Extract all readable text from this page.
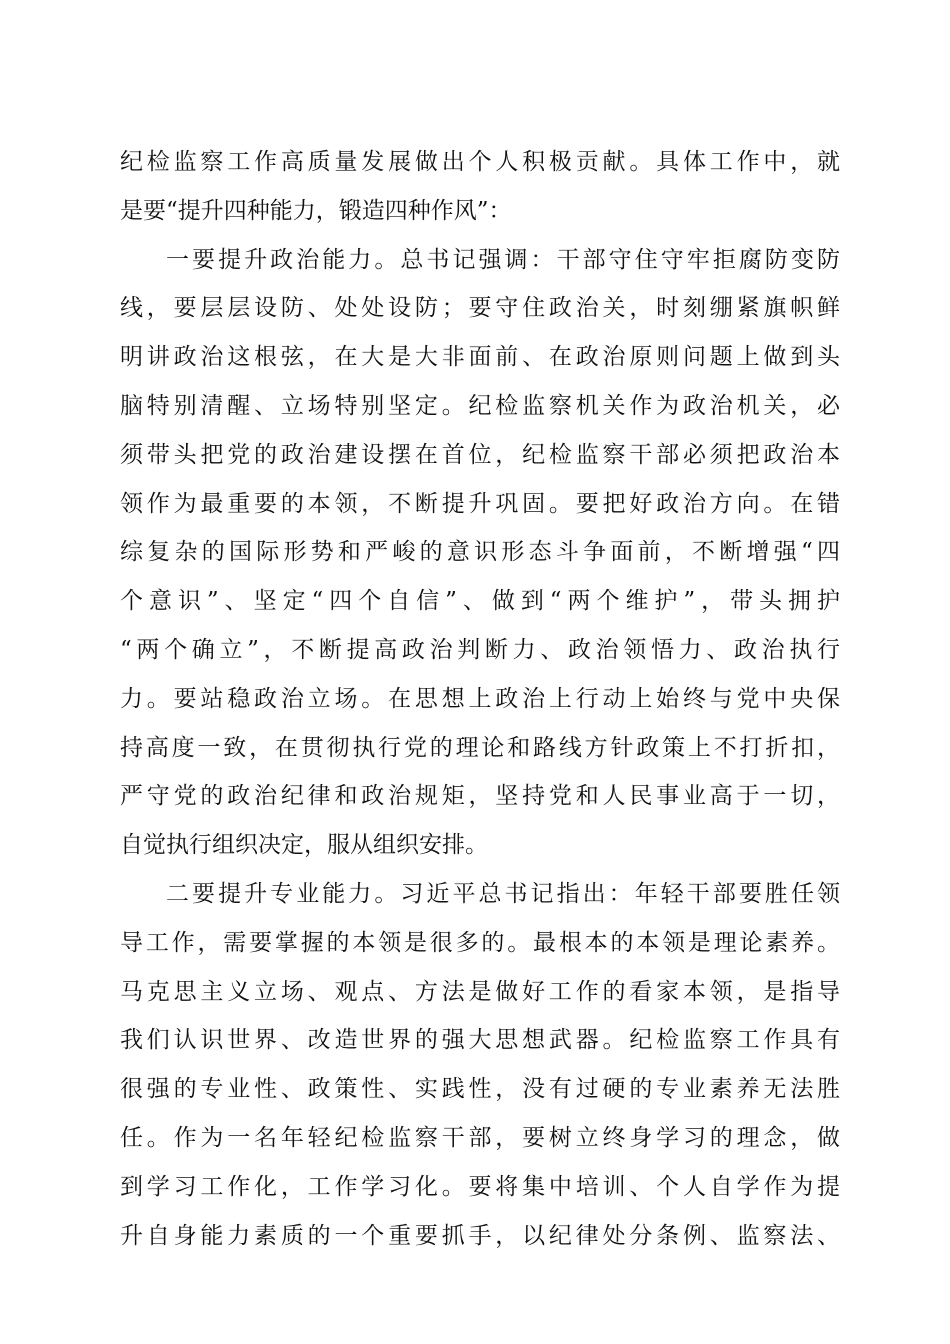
纪检监察工作高质量发展做出个人积极贡献。具体工作中，就
是要“提升四种能力，锻造四种作风”：
一要提升政治能力。总书记强调：干部守住守牢拒腐防变防
线，要层层设防、处处设防；要守住政治关，时刻绷紧旗帜鲜
明讲政治这根弦，在大是大非面前、在政治原则问题上做到头
脑特别清醒、立场特别坚定。纪检监察机关作为政治机关，必
须带头把党的政治建设摆在首位，纪检监察干部必须把政治本
领作为最重要的本领，不断提升巩固。要把好政治方向。在错
综复杂的国际形势和严峻的意识形态斗争面前，不断增强“四
个意识”、坚定“四个自信”、做到“两个维护”，带头拥护
“两个确立”，不断提高政治判断力、政治领悟力、政治执行
力。要站稳政治立场。在思想上政治上行动上始终与党中央保
持高度一致，在贯彻执行党的理论和路线方针政策上不打折扣，
严守党的政治纪律和政治规矩，坚持党和人民事业高于一切，
自觉执行组织决定，服从组织安排。
二要提升专业能力。习近平总书记指出：年轻干部要胜任领
导工作，需要掌握的本领是很多的。最根本的本领是理论素养。
马克思主义立场、观点、方法是做好工作的看家本领，是指导
我们认识世界、改造世界的强大思想武器。纪检监察工作具有
很强的专业性、政策性、实践性，没有过硬的专业素养无法胜
任。作为一名年轻纪检监察干部，要树立终身学习的理念，做
到学习工作化，工作学习化。要将集中培训、个人自学作为提
升自身能力素质的一个重要抓手，以纪律处分条例、监察法、
